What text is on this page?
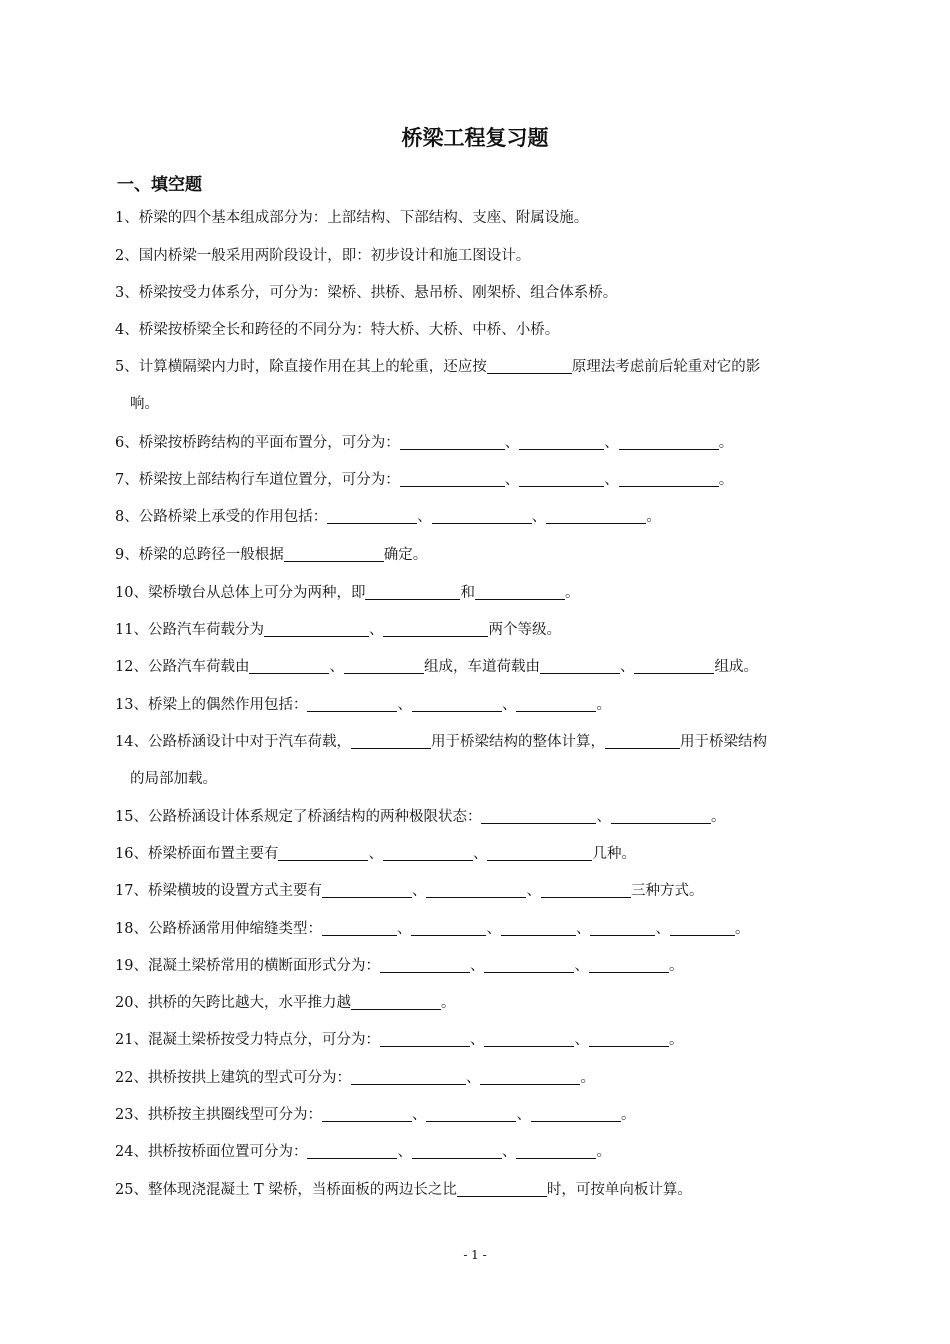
桥梁工程复习题
一、填空题
1、桥梁的四个基本组成部分为：上部结构、下部结构、支座、附属设施。
2、国内桥梁一般采用两阶段设计，即：初步设计和施工图设计。
3、桥梁按受力体系分，可分为：梁桥、拱桥、悬吊桥、刚架桥、组合体系桥。
4、桥梁按桥梁全长和跨径的不同分为：特大桥、大桥、中桥、小桥。
5、计算横隔梁内力时，除直接作用在其上的轮重，还应按	原理法考虑前后轮重对它的影
响。
6、桥梁按桥跨结构的平面布置分，可分为：	、	、	。
7、桥梁按上部结构行车道位置分，可分为：	、	、	。
8、公路桥梁上承受的作用包括：	、	、	。
9、桥梁的总跨径一般根据	确定。
10、梁桥墩台从总体上可分为两种，即	和	。
11、公路汽车荷载分为	、	两个等级。
12、公路汽车荷载由	、	组成，车道荷载由	、	组成。
13、桥梁上的偶然作用包括：	、	、	。
14、公路桥涵设计中对于汽车荷载，	用于桥梁结构的整体计算，	用于桥梁结构
的局部加载。
15、公路桥涵设计体系规定了桥涵结构的两种极限状态：	、	。
16、桥梁桥面布置主要有	、	、	几种。
17、桥梁横坡的设置方式主要有	、	、	三种方式。
18、公路桥涵常用伸缩缝类型：	、	、	、	、	。
19、混凝土梁桥常用的横断面形式分为：	、	、	。
20、拱桥的矢跨比越大，水平推力越	。
21、混凝土梁桥按受力特点分，可分为：	、	、	。
22、拱桥按拱上建筑的型式可分为：	、	。
23、拱桥按主拱圈线型可分为：	、	、	。
24、拱桥按桥面位置可分为：	、	、	。
25、整体现浇混凝土 T 梁桥，当桥面板的两边长之比	时，可按单向板计算。
- 1 -
